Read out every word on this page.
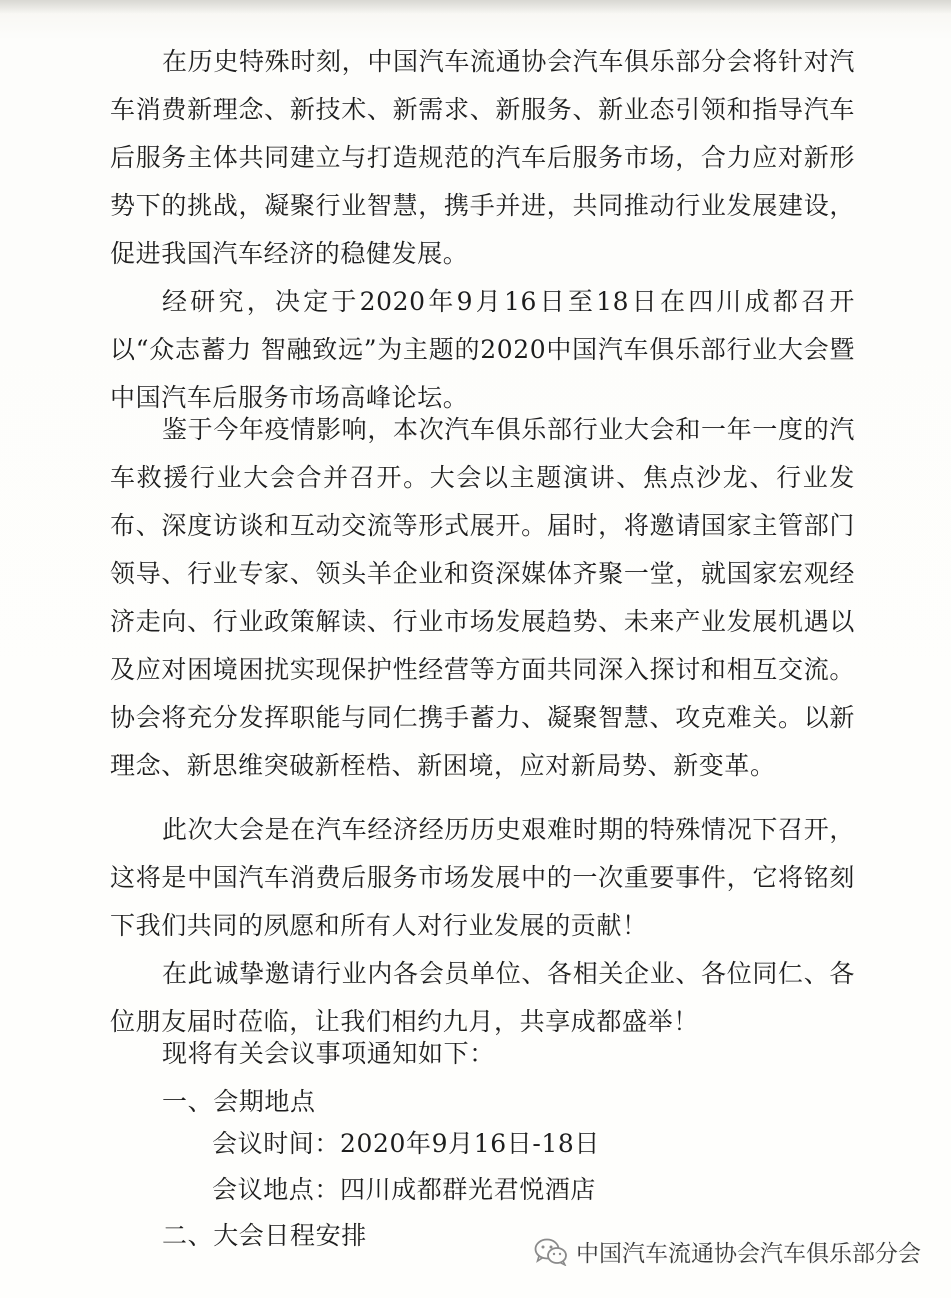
在历史特殊时刻，中国汽车流通协会汽车俱乐部分会将针对汽车消费新理念、新技术、新需求、新服务、新业态引领和指导汽车后服务主体共同建立与打造规范的汽车后服务市场，合力应对新形势下的挑战，凝聚行业智慧，携手并进，共同推动行业发展建设，促进我国汽车经济的稳健发展。

经研究，决定于2020年9月16日至18日在四川成都召开以“众志蓄力 智融致远”为主题的2020中国汽车俱乐部行业大会暨中国汽车后服务市场高峰论坛。

鉴于今年疫情影响，本次汽车俱乐部行业大会和一年一度的汽车救援行业大会合并召开。大会以主题演讲、焦点沙龙、行业发布、深度访谈和互动交流等形式展开。届时，将邀请国家主管部门领导、行业专家、领头羊企业和资深媒体齐聚一堂，就国家宏观经济走向、行业政策解读、行业市场发展趋势、未来产业发展机遇以及应对困境困扰实现保护性经营等方面共同深入探讨和相互交流。协会将充分发挥职能与同仁携手蓄力、凝聚智慧、攻克难关。以新理念、新思维突破新桎梏、新困境，应对新局势、新变革。

此次大会是在汽车经济经历历史艰难时期的特殊情况下召开，这将是中国汽车消费后服务市场发展中的一次重要事件，它将铭刻下我们共同的夙愿和所有人对行业发展的贡献！

在此诚挚邀请行业内各会员单位、各相关企业、各位同仁、各位朋友届时莅临，让我们相约九月，共享成都盛举！

现将有关会议事项通知如下：
一、会期地点
会议时间：2020年9月16日-18日
会议地点：四川成都群光君悦酒店
二、大会日程安排
中国汽车流通协会汽车俱乐部分会
